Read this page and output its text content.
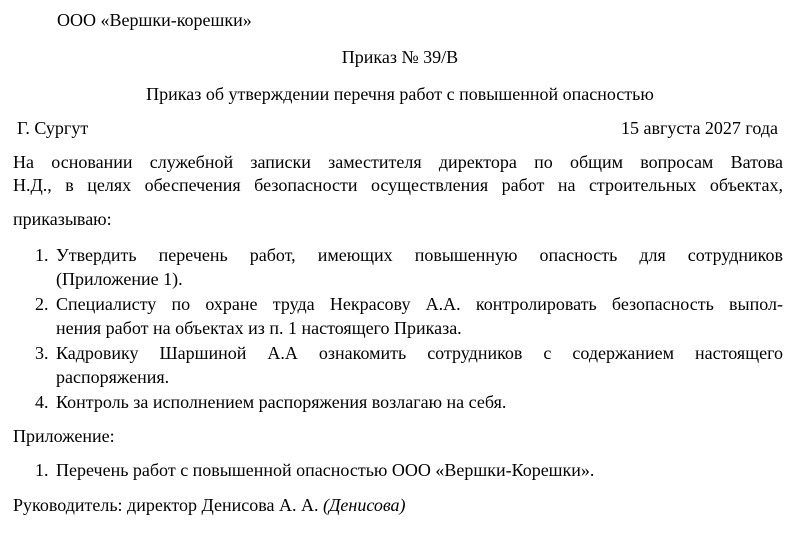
ООО «Вершки-корешки»
Приказ № 39/В
Приказ об утверждении перечня работ с повышенной опасностью
Г. Сургут	15 августа 2027 года
На основании служебной записки заместителя директора по общим вопросам Ватова
Н.Д., в целях обеспечения безопасности осуществления работ на строительных объектах,
приказываю:
1. Утвердить перечень работ, имеющих повышенную опасность для сотрудников
(Приложение 1).
2. Специалисту по охране труда Некрасову А.А. контролировать безопасность выпол-
нения работ на объектах из п. 1 настоящего Приказа.
3. Кадровику Шаршиной А.А ознакомить сотрудников с содержанием настоящего
распоряжения.
4. Контроль за исполнением распоряжения возлагаю на себя.
Приложение:
1. Перечень работ с повышенной опасностью ООО «Вершки-Корешки».
Руководитель: директор Денисова А. А. (Денисова)
